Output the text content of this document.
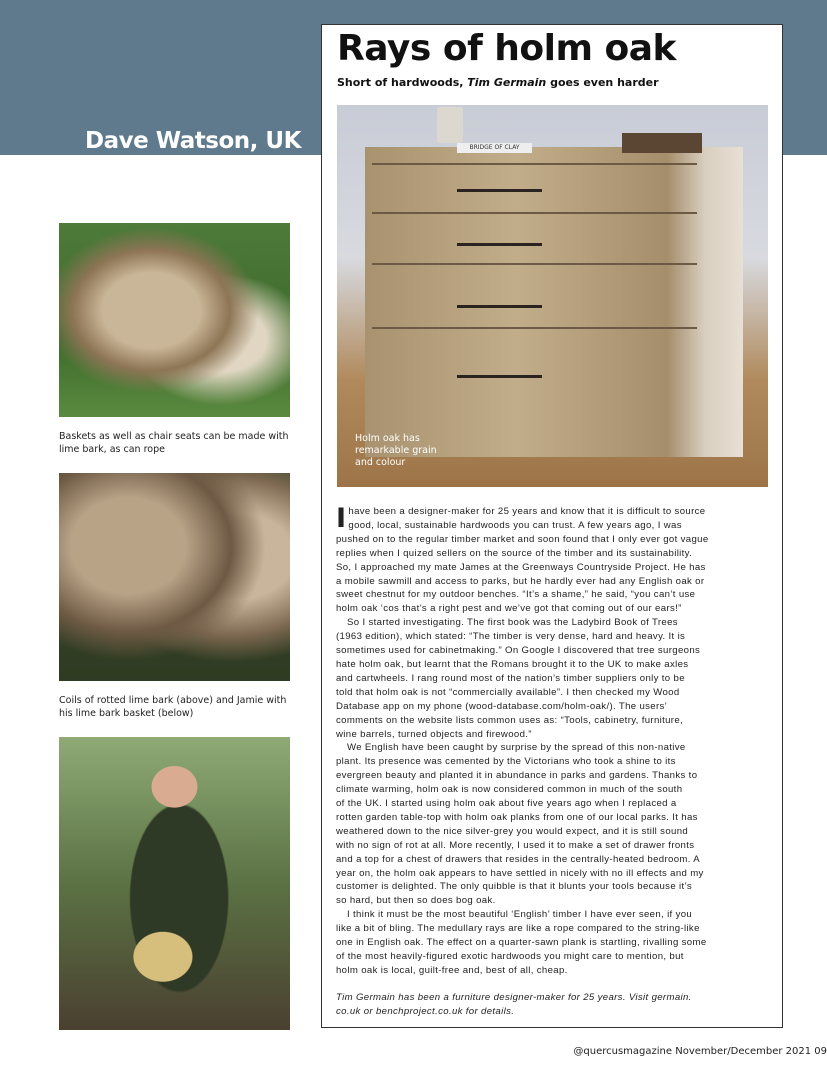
Dave Watson, UK
Baskets as well as chair seats can be made with lime bark, as can rope
Coils of rotted lime bark (above) and Jamie with his lime bark basket (below)
Rays of holm oak
Short of hardwoods, Tim Germain goes even harder
BRIDGE OF CLAY
Holm oak has remarkable grain and colour
I have been a designer-maker for 25 years and know that it is difficult to source
good, local, sustainable hardwoods you can trust. A few years ago, I was
pushed on to the regular timber market and soon found that I only ever got vague
replies when I quized sellers on the source of the timber and its sustainability.
So, I approached my mate James at the Greenways Countryside Project. He has
a mobile sawmill and access to parks, but he hardly ever had any English oak or
sweet chestnut for my outdoor benches. “It’s a shame,” he said, “you can’t use
holm oak ‘cos that’s a right pest and we’ve got that coming out of our ears!”
So I started investigating. The first book was the Ladybird Book of Trees
(1963 edition), which stated: “The timber is very dense, hard and heavy. It is
sometimes used for cabinetmaking.” On Google I discovered that tree surgeons
hate holm oak, but learnt that the Romans brought it to the UK to make axles
and cartwheels. I rang round most of the nation’s timber suppliers only to be
told that holm oak is not “commercially available”. I then checked my Wood
Database app on my phone (wood-database.com/holm-oak/). The users’
comments on the website lists common uses as: “Tools, cabinetry, furniture,
wine barrels, turned objects and firewood.”
We English have been caught by surprise by the spread of this non-native
plant. Its presence was cemented by the Victorians who took a shine to its
evergreen beauty and planted it in abundance in parks and gardens. Thanks to
climate warming, holm oak is now considered common in much of the south
of the UK. I started using holm oak about five years ago when I replaced a
rotten garden table-top with holm oak planks from one of our local parks. It has
weathered down to the nice silver-grey you would expect, and it is still sound
with no sign of rot at all. More recently, I used it to make a set of drawer fronts
and a top for a chest of drawers that resides in the centrally-heated bedroom. A
year on, the holm oak appears to have settled in nicely with no ill effects and my
customer is delighted. The only quibble is that it blunts your tools because it’s
so hard, but then so does bog oak.
I think it must be the most beautiful ‘English’ timber I have ever seen, if you
like a bit of bling. The medullary rays are like a rope compared to the string-like
one in English oak. The effect on a quarter-sawn plank is startling, rivalling some
of the most heavily-figured exotic hardwoods you might care to mention, but
holm oak is local, guilt-free and, best of all, cheap.
Tim Germain has been a furniture designer-maker for 25 years. Visit germain.
co.uk or benchproject.co.uk for details.
@quercusmagazine November/December 2021 09
